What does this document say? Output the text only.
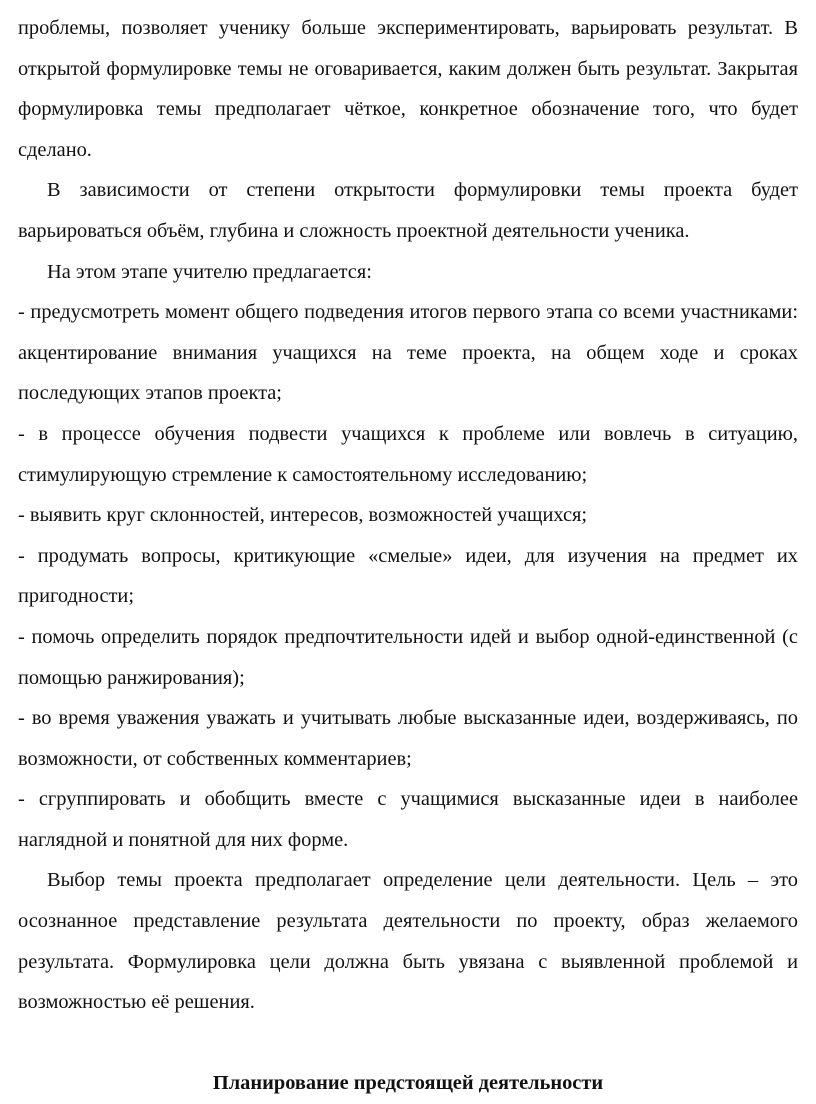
проблемы, позволяет ученику больше экспериментировать, варьировать результат. В открытой формулировке темы не оговаривается, каким должен быть результат. Закрытая формулировка темы предполагает чёткое, конкретное обозначение того, что будет сделано.

В зависимости от степени открытости формулировки темы проекта будет варьироваться объём, глубина и сложность проектной деятельности ученика.

На этом этапе учителю предлагается:

- предусмотреть момент общего подведения итогов первого этапа со всеми участниками: акцентирование внимания учащихся на теме проекта, на общем ходе и сроках последующих этапов проекта;

- в процессе обучения подвести учащихся к проблеме или вовлечь в ситуацию, стимулирующую стремление к самостоятельному исследованию;

- выявить круг склонностей, интересов, возможностей учащихся;

- продумать вопросы, критикующие «смелые» идеи, для изучения на предмет их пригодности;

- помочь определить порядок предпочтительности идей и выбор одной-единственной (с помощью ранжирования);

- во время уважения уважать и учитывать любые высказанные идеи, воздерживаясь, по возможности, от собственных комментариев;

- сгруппировать и обобщить вместе с учащимися высказанные идеи в наиболее наглядной и понятной для них форме.

Выбор темы проекта предполагает определение цели деятельности. Цель – это осознанное представление результата деятельности по проекту, образ желаемого результата. Формулировка цели должна быть увязана с выявленной проблемой и возможностью её решения.

Планирование предстоящей деятельности
